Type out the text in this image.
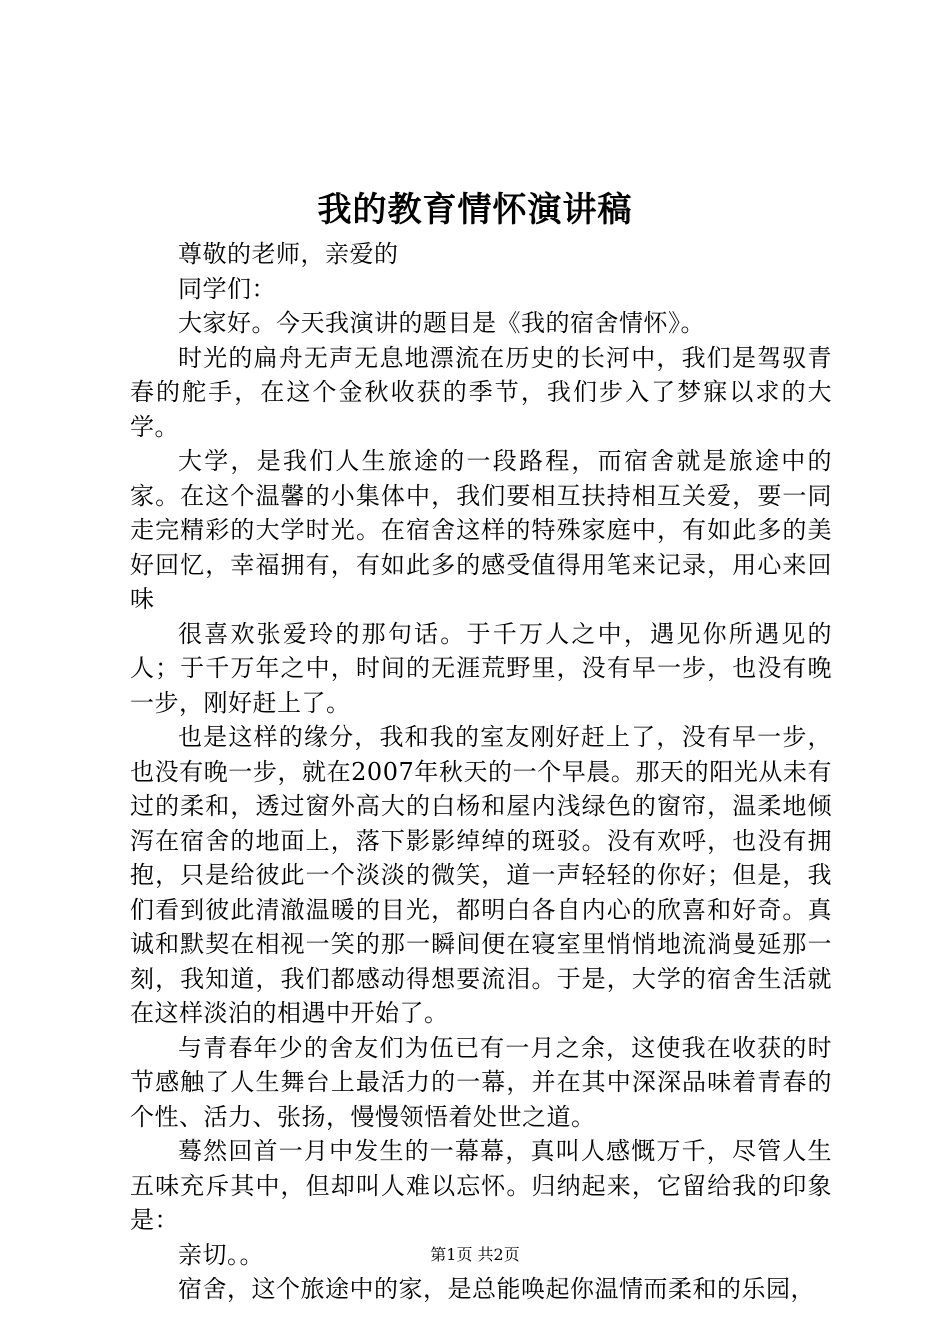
我的教育情怀演讲稿

尊敬的老师，亲爱的

同学们：

大家好。今天我演讲的题目是《我的宿舍情怀》。

时光的扁舟无声无息地漂流在历史的长河中，我们是驾驭青春的舵手，在这个金秋收获的季节，我们步入了梦寐以求的大学。

大学，是我们人生旅途的一段路程，而宿舍就是旅途中的家。在这个温馨的小集体中，我们要相互扶持相互关爱，要一同走完精彩的大学时光。在宿舍这样的特殊家庭中，有如此多的美好回忆，幸福拥有，有如此多的感受值得用笔来记录，用心来回味

很喜欢张爱玲的那句话。于千万人之中，遇见你所遇见的人；于千万年之中，时间的无涯荒野里，没有早一步，也没有晚一步，刚好赶上了。

也是这样的缘分，我和我的室友刚好赶上了，没有早一步，也没有晚一步，就在2007年秋天的一个早晨。那天的阳光从未有过的柔和，透过窗外高大的白杨和屋内浅绿色的窗帘，温柔地倾泻在宿舍的地面上，落下影影绰绰的斑驳。没有欢呼，也没有拥抱，只是给彼此一个淡淡的微笑，道一声轻轻的你好；但是，我们看到彼此清澈温暖的目光，都明白各自内心的欣喜和好奇。真诚和默契在相视一笑的那一瞬间便在寝室里悄悄地流淌曼延那一刻，我知道，我们都感动得想要流泪。于是，大学的宿舍生活就在这样淡泊的相遇中开始了。

与青春年少的舍友们为伍已有一月之余，这使我在收获的时节感触了人生舞台上最活力的一幕，并在其中深深品味着青春的个性、活力、张扬，慢慢领悟着处世之道。

蓦然回首一月中发生的一幕幕，真叫人感慨万千，尽管人生五味充斥其中，但却叫人难以忘怀。归纳起来，它留给我的印象是：

亲切。。

宿舍，这个旅途中的家，是总能唤起你温情而柔和的乐园，

第1页 共2页
